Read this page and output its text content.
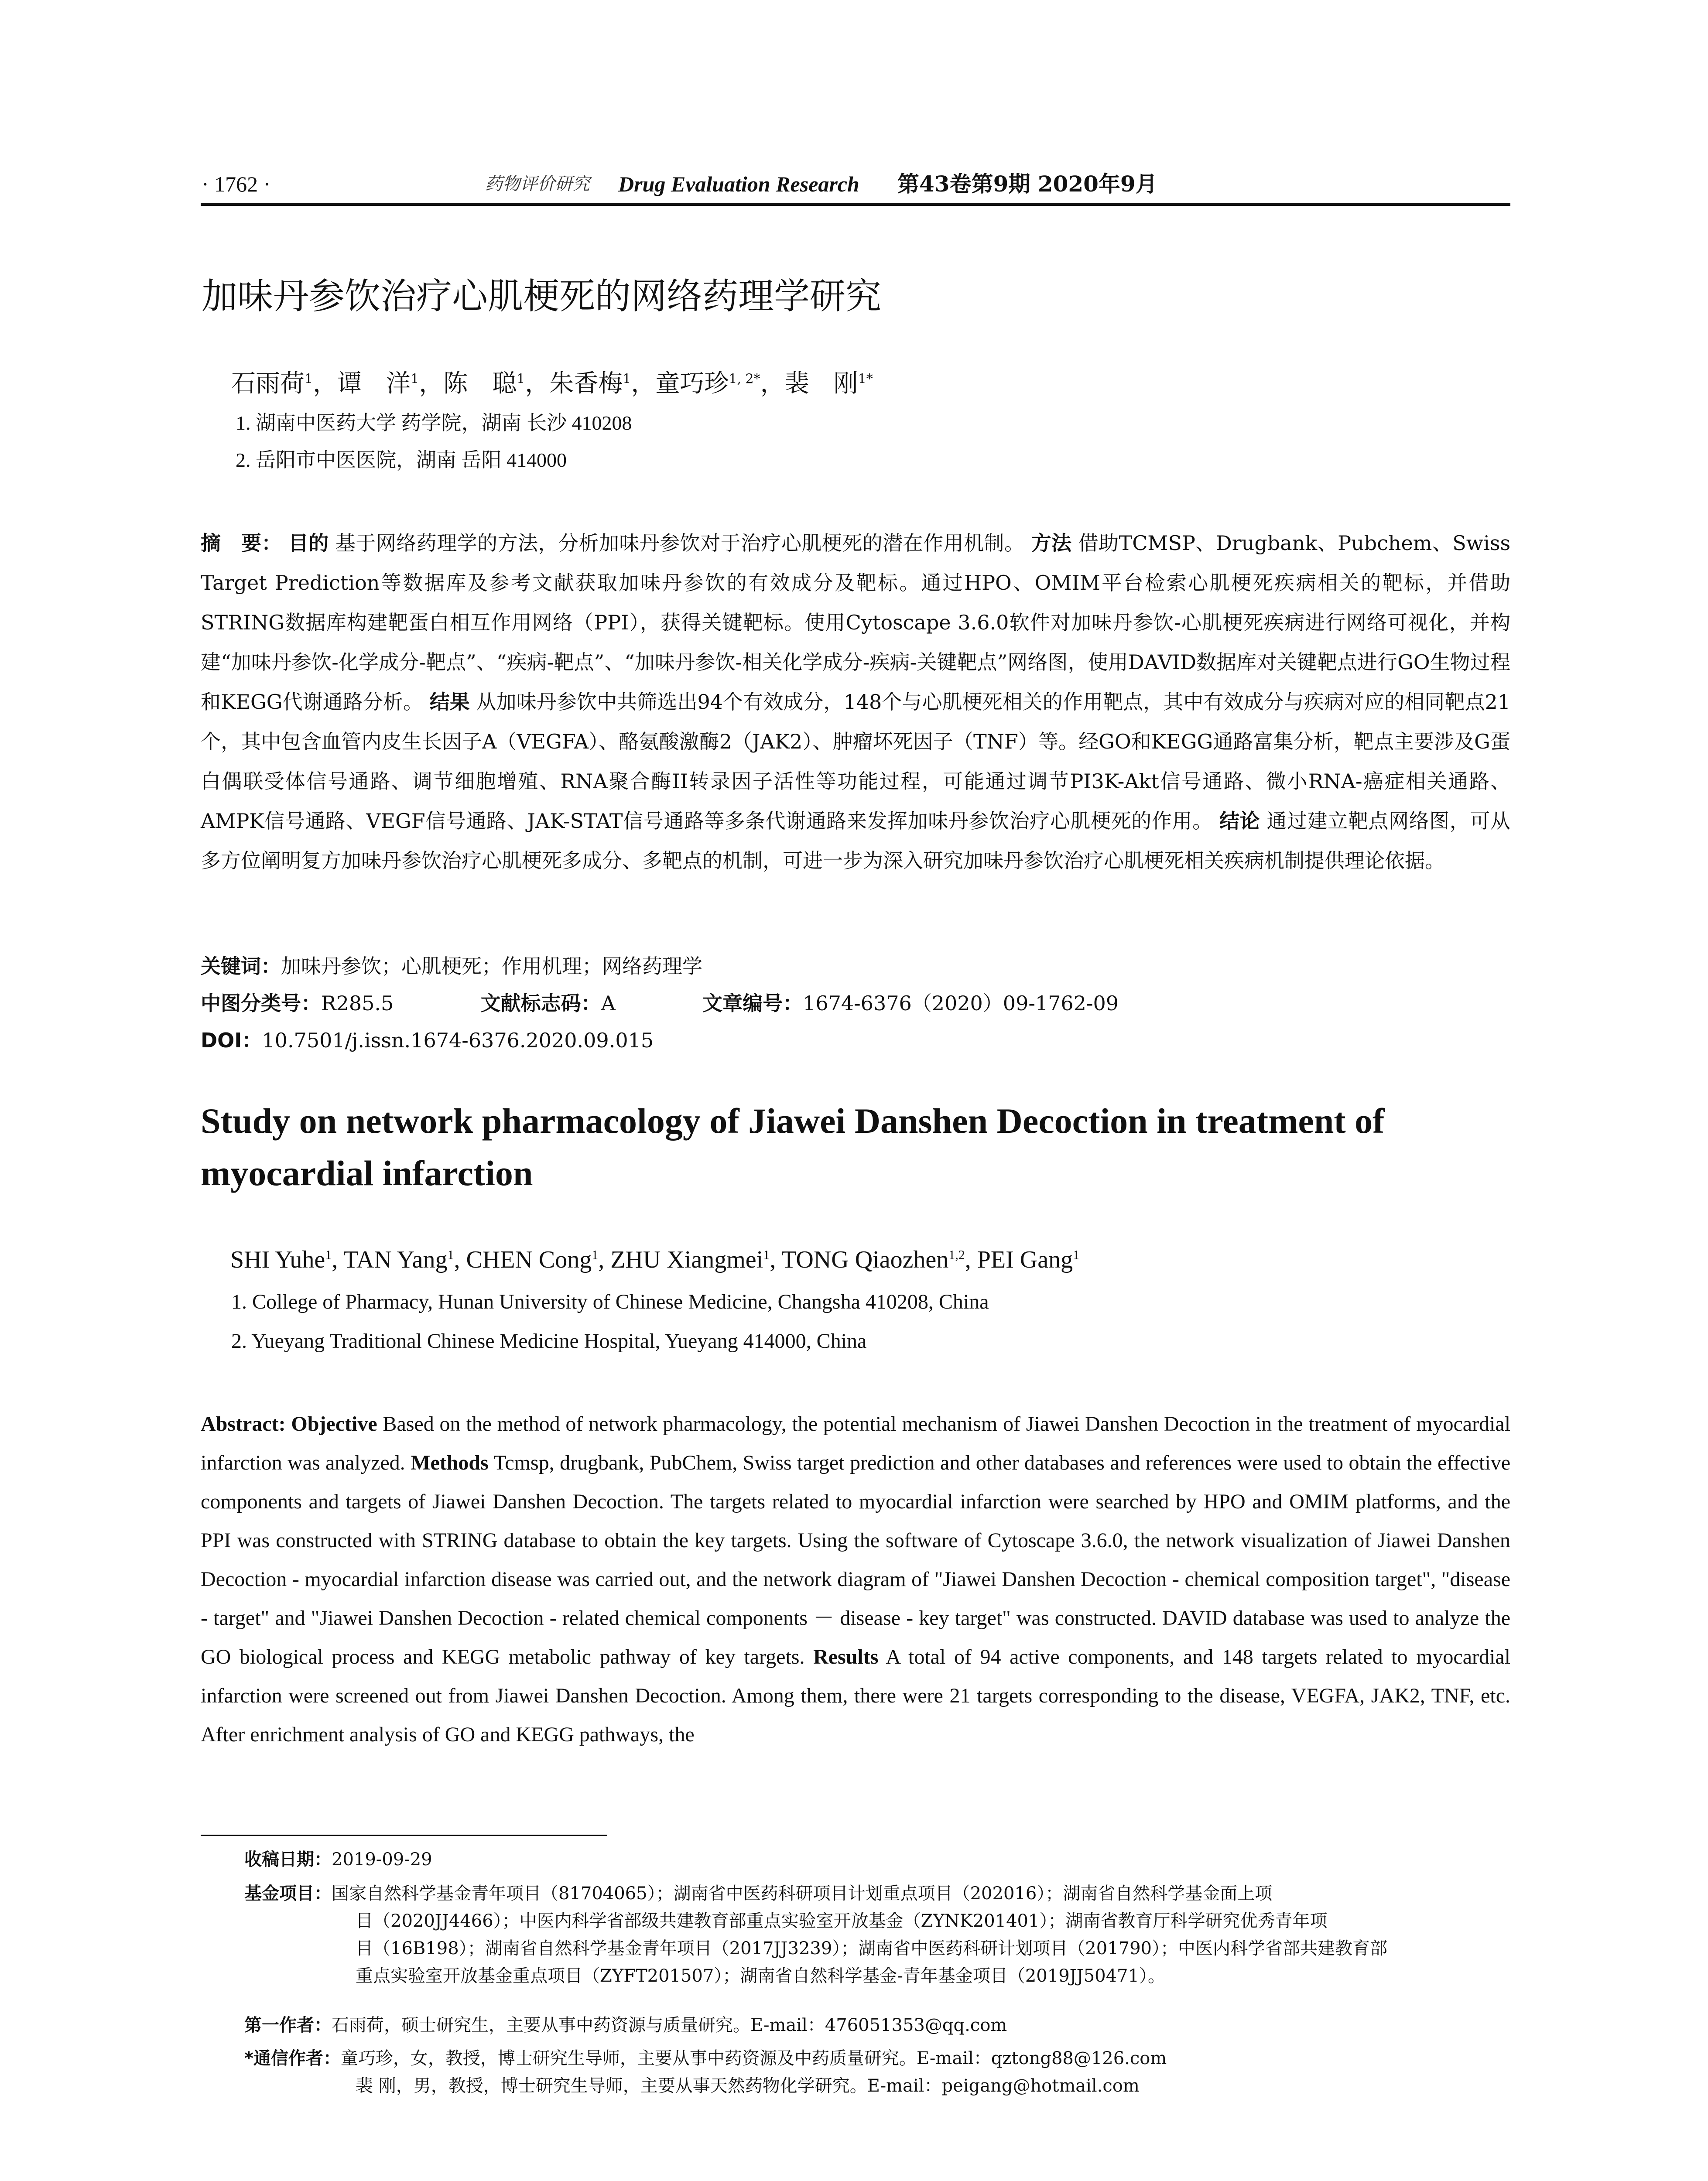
· 1762 ·	药物评价研究 Drug Evaluation Research 第43卷第9期 2020年9月
加味丹参饮治疗心肌梗死的网络药理学研究
石雨荷$^1$，谭　洋$^1$，陈　聪$^1$，朱香梅$^1$，童巧珍$^{1, 2*}$，裴　刚$^{1*}$
1. 湖南中医药大学 药学院，湖南 长沙 410208
2. 岳阳市中医医院，湖南 岳阳 414000
摘　要： 目的 基于网络药理学的方法，分析加味丹参饮对于治疗心肌梗死的潜在作用机制。 方法 借助TCMSP、Drugbank、Pubchem、Swiss Target Prediction等数据库及参考文献获取加味丹参饮的有效成分及靶标。通过HPO、OMIM平台检索心肌梗死疾病相关的靶标，并借助STRING数据库构建靶蛋白相互作用网络（PPI），获得关键靶标。使用Cytoscape 3.6.0软件对加味丹参饮-心肌梗死疾病进行网络可视化，并构建“加味丹参饮-化学成分-靶点”、“疾病-靶点”、“加味丹参饮-相关化学成分-疾病-关键靶点”网络图，使用DAVID数据库对关键靶点进行GO生物过程和KEGG代谢通路分析。 结果 从加味丹参饮中共筛选出94个有效成分，148个与心肌梗死相关的作用靶点，其中有效成分与疾病对应的相同靶点21个，其中包含血管内皮生长因子A（VEGFA）、酪氨酸激酶2（JAK2）、肿瘤坏死因子（TNF）等。经GO和KEGG通路富集分析，靶点主要涉及G蛋白偶联受体信号通路、调节细胞增殖、RNA聚合酶II转录因子活性等功能过程，可能通过调节PI3K-Akt信号通路、微小RNA-癌症相关通路、AMPK信号通路、VEGF信号通路、JAK-STAT信号通路等多条代谢通路来发挥加味丹参饮治疗心肌梗死的作用。 结论 通过建立靶点网络图，可从多方位阐明复方加味丹参饮治疗心肌梗死多成分、多靶点的机制，可进一步为深入研究加味丹参饮治疗心肌梗死相关疾病机制提供理论依据。
关键词：加味丹参饮；心肌梗死；作用机理；网络药理学
中图分类号：R285.5	文献标志码：A	文章编号：1674-6376（2020）09-1762-09
DOI：10.7501/j.issn.1674-6376.2020.09.015
Study on network pharmacology of Jiawei Danshen Decoction in treatment of myocardial infarction
SHI Yuhe$^1$, TAN Yang$^1$, CHEN Cong$^1$, ZHU Xiangmei$^1$, TONG Qiaozhen$^{1,2}$, PEI Gang$^1$
1. College of Pharmacy, Hunan University of Chinese Medicine, Changsha 410208, China
2. Yueyang Traditional Chinese Medicine Hospital, Yueyang 414000, China
Abstract: Objective Based on the method of network pharmacology, the potential mechanism of Jiawei Danshen Decoction in the treatment of myocardial infarction was analyzed. Methods Tcmsp, drugbank, PubChem, Swiss target prediction and other databases and references were used to obtain the effective components and targets of Jiawei Danshen Decoction. The targets related to myocardial infarction were searched by HPO and OMIM platforms, and the PPI was constructed with STRING database to obtain the key targets. Using the software of Cytoscape 3.6.0, the network visualization of Jiawei Danshen Decoction - myocardial infarction disease was carried out, and the network diagram of "Jiawei Danshen Decoction - chemical composition target", "disease - target" and "Jiawei Danshen Decoction - related chemical components － disease - key target" was constructed. DAVID database was used to analyze the GO biological process and KEGG metabolic pathway of key targets. Results A total of 94 active components, and 148 targets related to myocardial infarction were screened out from Jiawei Danshen Decoction. Among them, there were 21 targets corresponding to the disease, VEGFA, JAK2, TNF, etc. After enrichment analysis of GO and KEGG pathways, the
收稿日期：2019-09-29
基金项目：国家自然科学基金青年项目（81704065）；湖南省中医药科研项目计划重点项目（202016）；湖南省自然科学基金面上项
目（2020JJ4466）；中医内科学省部级共建教育部重点实验室开放基金（ZYNK201401）；湖南省教育厅科学研究优秀青年项
目（16B198）；湖南省自然科学基金青年项目（2017JJ3239）；湖南省中医药科研计划项目（201790）；中医内科学省部共建教育部
重点实验室开放基金重点项目（ZYFT201507）；湖南省自然科学基金-青年基金项目（2019JJ50471）。
第一作者：石雨荷，硕士研究生，主要从事中药资源与质量研究。E-mail：476051353@qq.com
*通信作者：童巧珍，女，教授，博士研究生导师，主要从事中药资源及中药质量研究。E-mail：qztong88@126.com
裴 刚，男，教授，博士研究生导师，主要从事天然药物化学研究。E-mail：peigang@hotmail.com
